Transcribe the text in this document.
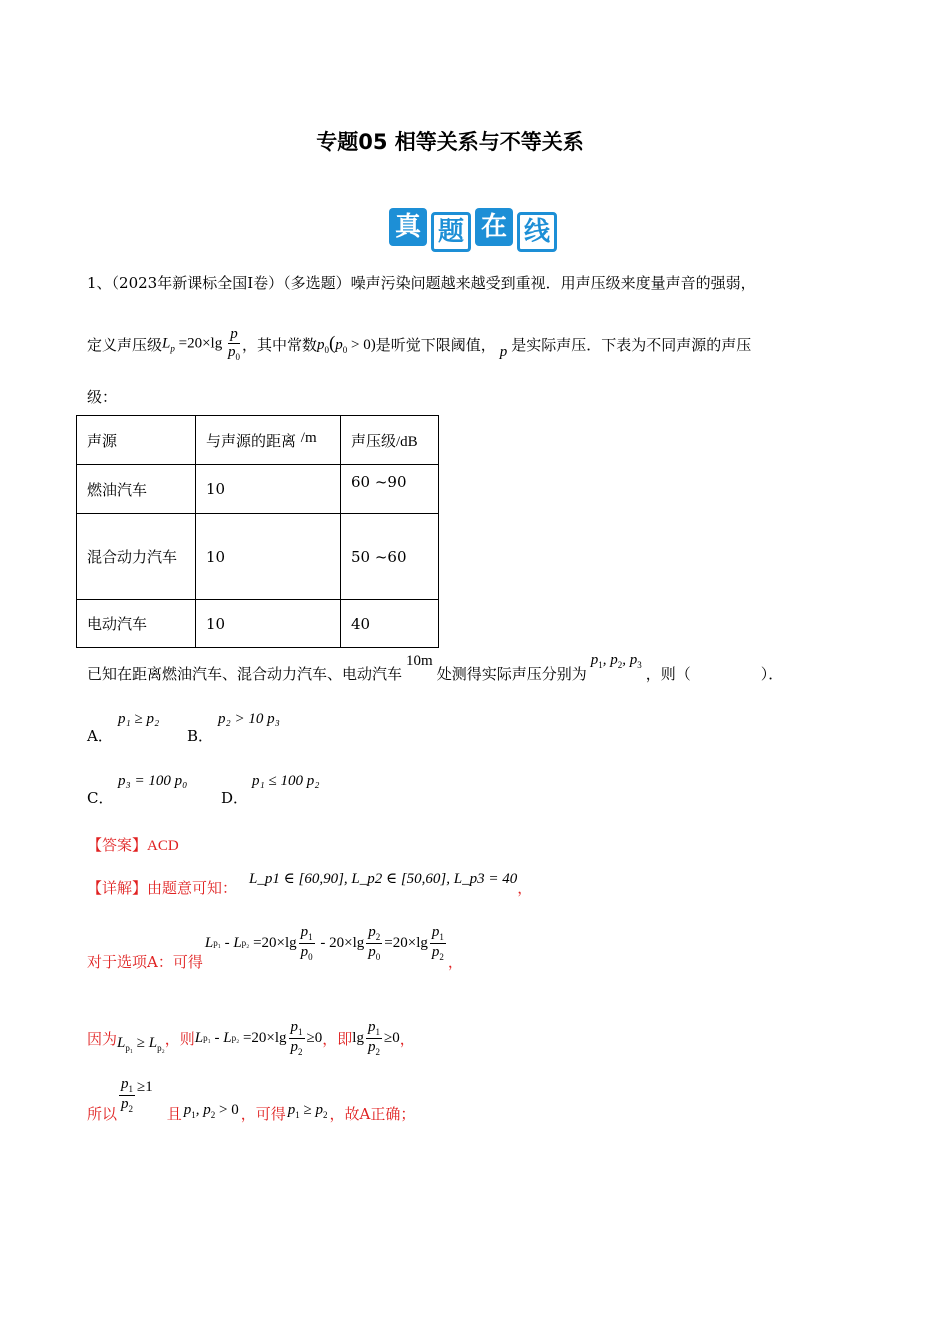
专题05 相等关系与不等关系
真 题 在 线
1、（2023年新课标全国Ⅰ卷）（多选题）噪声污染问题越来越受到重视．用声压级来度量声音的强弱，
定义声压级 $L_p =20\times\lg \frac{p}{p_0}$ ，其中常数 $p_0(p_0 > 0)$ 是听觉下限阈值， p 是实际声压．下表为不同声源的声压
级：
声源	与声源的距离 /m	声压级/dB
燃油汽车	10	60 ~90
混合动力汽车	10	50 ~60
电动汽车	10	40
已知在距离燃油汽车、混合动力汽车、电动汽车
10m
处测得实际声压分别为
$p_1$, $p_2$, $p_3$ ，则（	）．
A．
p₁ ≥ p₂
B．
p₂ > 10 p₃
C．
p₃ = 100 p₀
D．
p₁ ≤ 100 p₂
【答案】ACD
【详解】 由题意可知： L_p1 ∈ [60,90], L_p2 ∈ [50,60], L_p3 = 40 ，
对于选项A：可得
L p₁ - L p₂
$=20\times\lg \frac{p_1}{p_0} - 20\times\lg \frac{p_2}{p_0} =20\times\lg \frac{p_1}{p_2}$ ，
因为 $L_{p_1} \ge L_{p_2}$
，则 L p₁ - L p₂
$=20\times\lg \frac{p_1}{p_2} \ge 0$ ，即 $\lg \frac{p_1}{p_2} \ge 0$ ，
所以 $\frac{p_1}{p_2} \ge 1$
且 $p_1$, $p_2 > 0$ ，可得 $p_1 \ge p_2$ ，故A正确；
